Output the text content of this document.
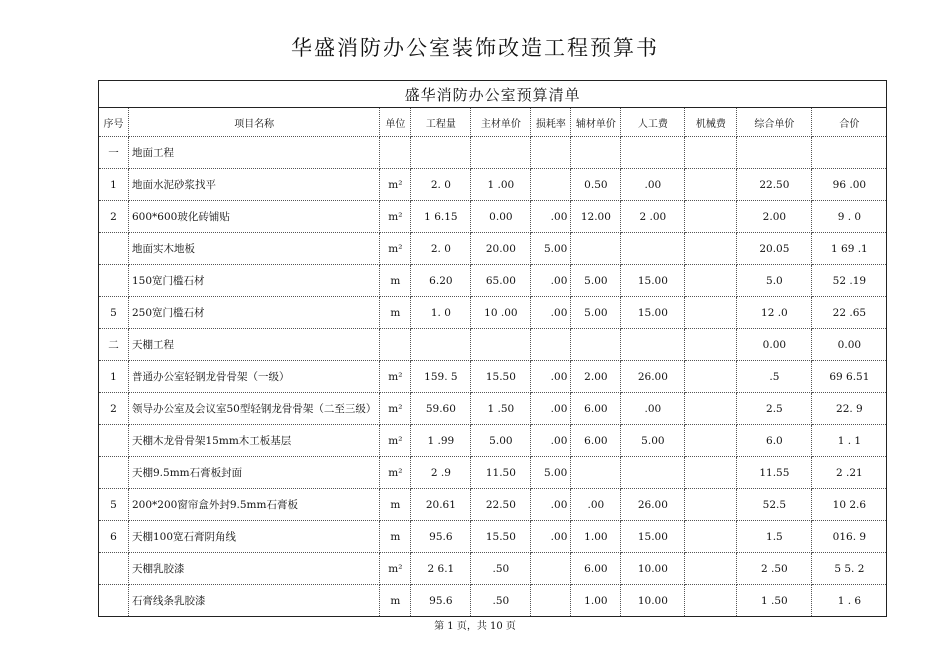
华盛消防办公室装饰改造工程预算书
盛华消防办公室预算清单										
序号	项目名称	单位	工程量	主材单价	损耗率	辅材单价	人工费	机械费	综合单价	合价
一	地面工程									
1	地面水泥砂浆找平	m²	2. 0	1 .00		0.50	.00		22.50	96 .00
2	600*600玻化砖铺贴	m²	1 6.15	0.00	.00	12.00	2 .00		2.00	9 . 0
	地面实木地板	m²	2. 0	20.00	5.00				20.05	1 69 .1
	150宽门槛石材	m	6.20	65.00	.00	5.00	15.00		5.0	52 .19
5	250宽门槛石材	m	1. 0	10 .00	.00	5.00	15.00		12 .0	22 .65
二	天棚工程								0.00	0.00
1	普通办公室轻钢龙骨骨架（一级）	m²	159. 5	15.50	.00	2.00	26.00		.5	69 6.51
2	领导办公室及会议室50型轻钢龙骨骨架（二至三级）	m²	59.60	1 .50	.00	6.00	.00		2.5	22. 9
	天棚木龙骨骨架15mm木工板基层	m²	1 .99	5.00	.00	6.00	5.00		6.0	1 . 1
	天棚9.5mm石膏板封面	m²	2 .9	11.50	5.00				11.55	2 .21
5	200*200窗帘盒外封9.5mm石膏板	m	20.61	22.50	.00	.00	26.00		52.5	10 2.6
6	天棚100宽石膏阴角线	m	95.6	15.50	.00	1.00	15.00		1.5	016. 9
	天棚乳胶漆	m²	2 6.1	.50		6.00	10.00		2 .50	5 5. 2
	石膏线条乳胶漆	m	95.6	.50		1.00	10.00		1 .50	1 . 6
第 1 页，共 10 页
